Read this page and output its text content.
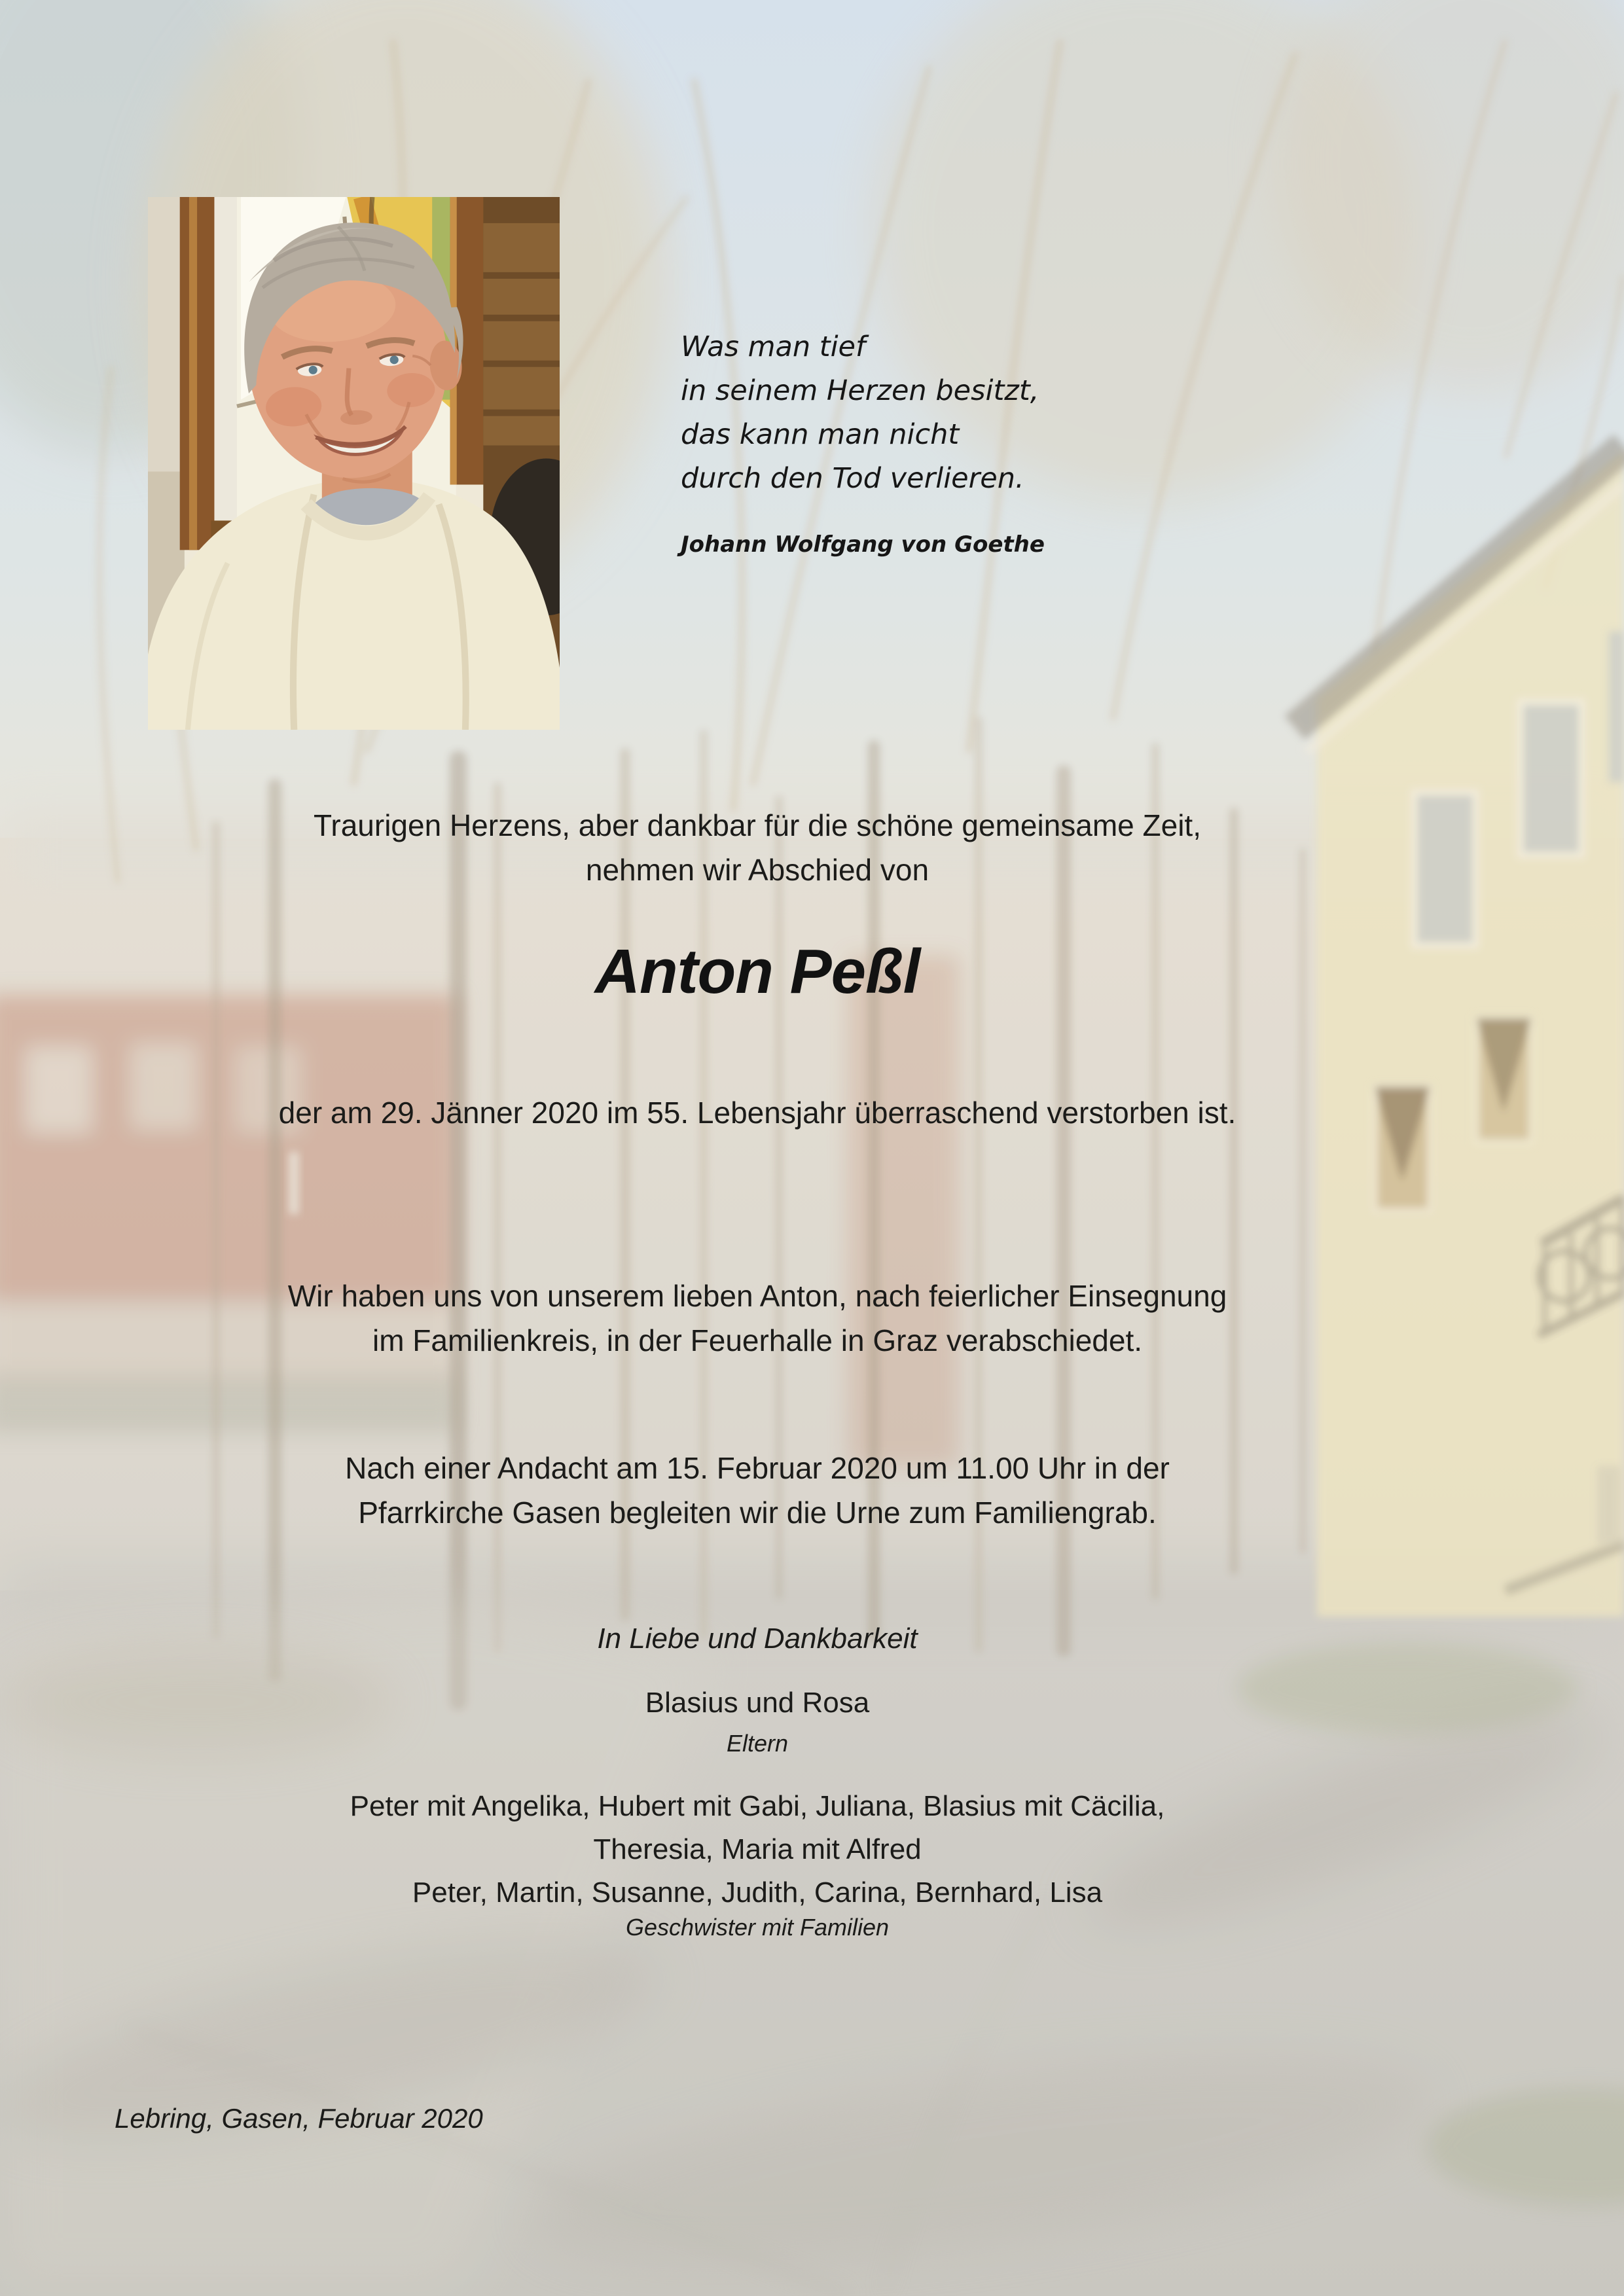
Was man tief
in seinem Herzen besitzt,
das kann man nicht
durch den Tod verlieren.
Johann Wolfgang von Goethe
Traurigen Herzens, aber dankbar für die schöne gemeinsame Zeit,
nehmen wir Abschied von
Anton Peßl
der am 29. Jänner 2020 im 55. Lebensjahr überraschend verstorben ist.
Wir haben uns von unserem lieben Anton, nach feierlicher Einsegnung
im Familienkreis, in der Feuerhalle in Graz verabschiedet.
Nach einer Andacht am 15. Februar 2020 um 11.00 Uhr in der
Pfarrkirche Gasen begleiten wir die Urne zum Familiengrab.
In Liebe und Dankbarkeit
Blasius und Rosa
Eltern
Peter mit Angelika, Hubert mit Gabi, Juliana, Blasius mit Cäcilia,
Theresia, Maria mit Alfred
Peter, Martin, Susanne, Judith, Carina, Bernhard, Lisa
Geschwister mit Familien
Lebring, Gasen, Februar 2020
